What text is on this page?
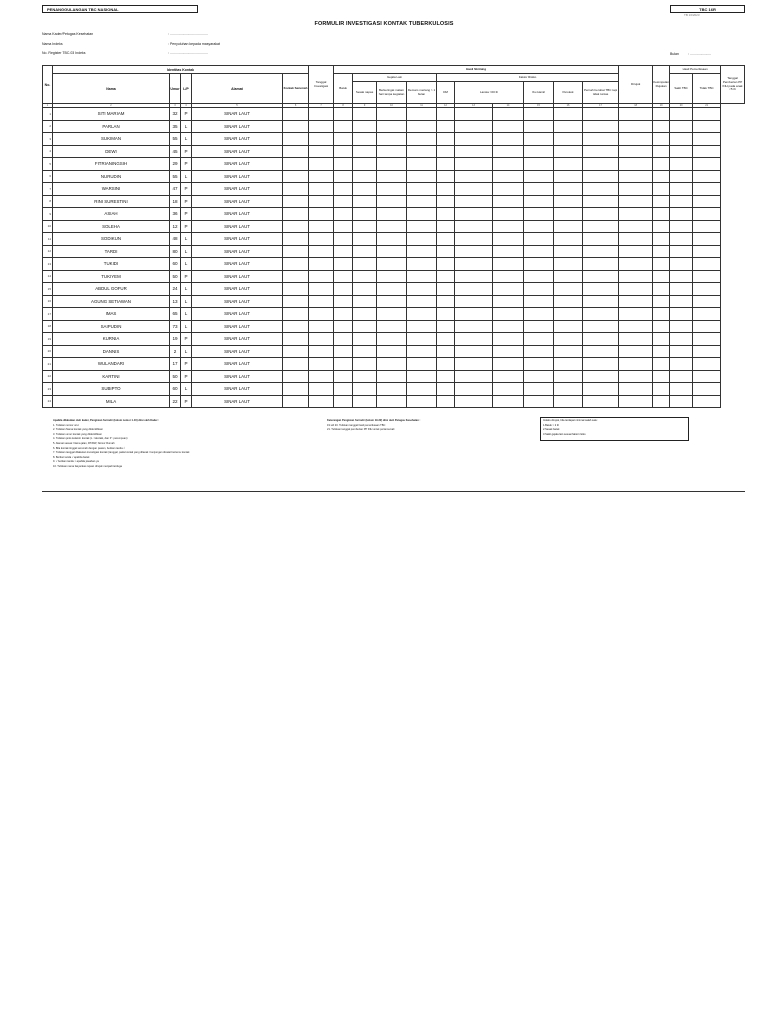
PENANGGULANGAN TBC NASIONAL	TBC 16R
TB 16/2023
FORMULIR INVESTIGASI KONTAK TUBERKULOSIS
Nama Kader/Petugas Kesehatan	: .......................................
Nama Indeks	: Penyuluhan kepada masyarakat
No. Register TBC.03 Indeks	: .......................................	Bulan	: ......................
No.	Identitas Kontak					Tanggal Investigasi	Hasil Skrining										Dirujuk	Kesimpulan Rujukan	Hasil Pemeriksaan		Tanggal Pemberian PP INH pada anak <5 th
	Nama	Umur	L/P	Alamat	Kontak Serumah		Batuk	Gejala Lain			Faktor Risiko								Sakit TBC	Tidak TBC	
								Sesak napas	Berkeringat malam hari tanpa kegiatan	Demam meriang > 1 bulan	DM	Lansia >60 th		Ibu Hamil	Perokok	Pernah berobat TBC tapi tidak tuntas					
1	2	3	4	5	6	7	8	9	10	11	12	13	14	15	16	17	18	19	20	21	
1	SITI MARIAM	32	P	SINAR LAUT																	
2	PARLAN	35	L	SINAR LAUT																	
3	SUKIMAN	55	L	SINAR LAUT																	
4	DEWI	45	P	SINAR LAUT																	
5	FITRIANINGSIH	29	P	SINAR LAUT																	
6	NURUDIN	55	L	SINAR LAUT																	
7	WARSINI	47	P	SINAR LAUT																	
8	RINI SURESTINI	18	P	SINAR LAUT																	
9	ASIAH	36	P	SINAR LAUT																	
10	SOLEHA	12	P	SINAR LAUT																	
11	SODIKUN	48	L	SINAR LAUT																	
12	TARDI	80	L	SINAR LAUT																	
13	TUKIDI	60	L	SINAR LAUT																	
14	TUKIYEM	50	P	SINAR LAUT																	
15	ABDUL GOFUR	24	L	SINAR LAUT																	
16	AGUNG SETIAWAN	13	L	SINAR LAUT																	
17	IMAS	65	L	SINAR LAUT																	
18	SAIPUDIN	73	L	SINAR LAUT																	
19	KURNIA	19	P	SINAR LAUT																	
20	DANNIS	2	L	SINAR LAUT																	
21	WULANDARI	17	P	SINAR LAUT																	
22	KARTINI	50	P	SINAR LAUT																	
23	SUBIPTO	60	L	SINAR LAUT																	
24	MILA	22	P	SINAR LAUT																	
Apabila dilakukan oleh kader, Pengisian formulir (kolom nomor 1-10) diisi oleh Kader :
1. Tuliskan nomor urut
2. Tuliskan Nama kontak yang diidentifikasi
3. Tuliskan umur kontak yang diidentifikasi
4. Tuliskan jenis kelamin kontak (L : laki-laki, dan P : perempuan)
5. Alamat sesuai: Nama jalan, RT/RW, Nomor Rumah
6. Bila kontak tinggal serumah dengan pasien, berikan tanda √
7. Tuliskan tanggal dilakukan investigasi kontak (tanggal, pada kontak yang dilacak / kunjungan dicatat bertemu kontak
8. Berikut tanda √ apabila batuk
9. √ berikan tanda √ apabila jawaban ya
10. Tuliskan nama fasyankes tujuan dirujuk menjadi terduga
Keterangan Pengisian formulir (kolom 19-22) diisi oleh Petugas Kesehatan :
19 s/d 20. Tuliskan tanggal hasil pemeriksaan TBC
21. Tuliskan tanggal pemberian PP INH untuk pertama kali
Indeks dirujuk, bila terdapat minimal salah satu:
1.Batuk > 2 th
2.Sesak batuk
3.Sakit gejala lain sesuai faktor risiko
